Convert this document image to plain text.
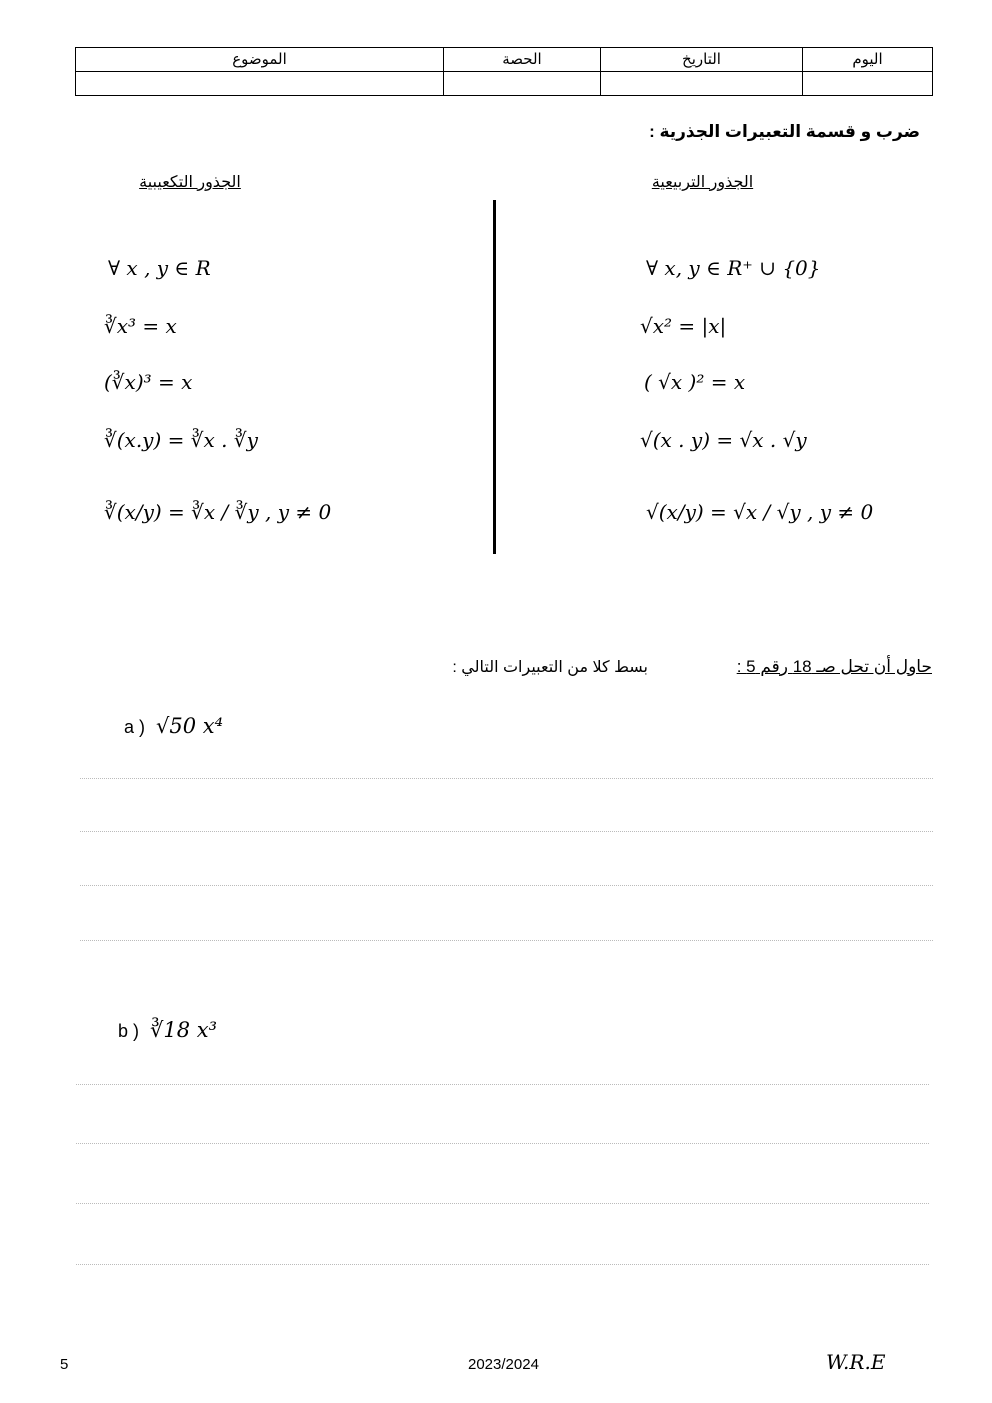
الموضوع	الحصة	التاريخ	اليوم

ضرب و قسمة التعبيرات الجذرية :
الجذور التكعيبية	الجذور التربيعية
∀ x , y ∈ R
∛x³ = x
(∛x)³ = x
∛(x.y) = ∛x . ∛y
∛(x/y) = ∛x / ∛y , y ≠ 0
∀ x, y ∈ R⁺ ∪ {0}
√x² = |x|
( √x )² = x
√(x . y) = √x . √y
√(x/y) = √x / √y , y ≠ 0
حاول أن تحل صـ 18 رقم 5 :
بسط كلا من التعبيرات التالي :
a ) √50 x⁴
b ) ∛18 x³
5	2023/2024	W.R.E
